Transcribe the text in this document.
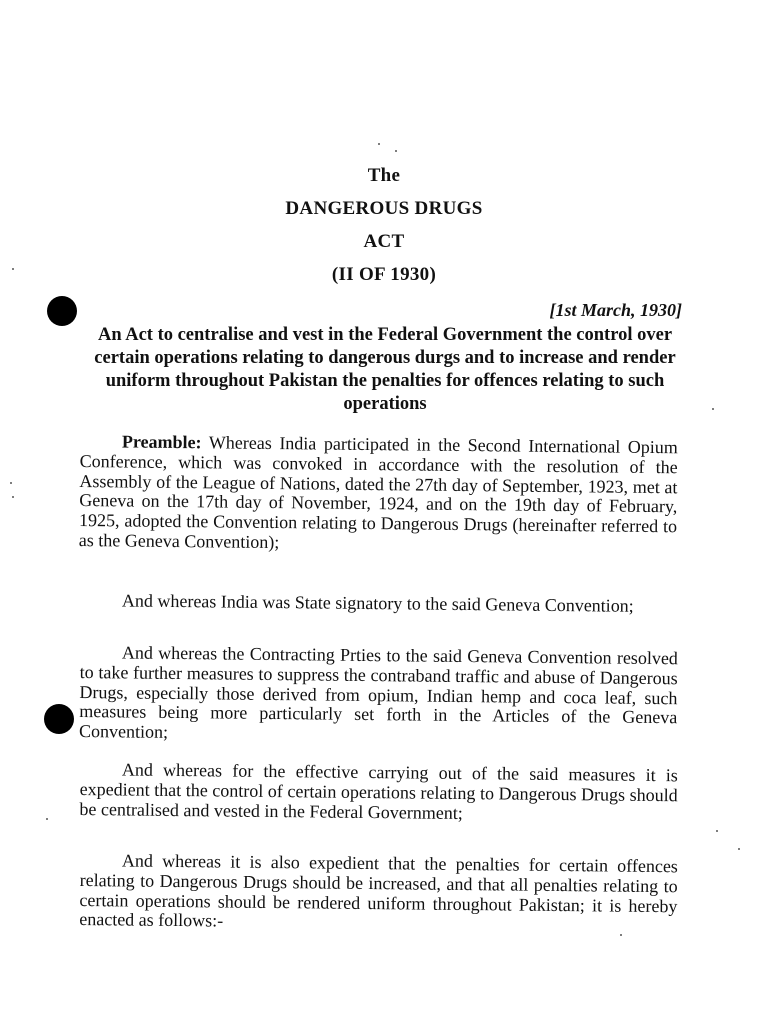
The
DANGEROUS DRUGS
ACT
(II OF 1930)
[1st March, 1930]
An Act to centralise and vest in the Federal Government the control over certain operations relating to dangerous durgs and to increase and render uniform throughout Pakistan the penalties for offences relating to such operations

Preamble: Whereas India participated in the Second International Opium Conference, which was convoked in accordance with the resolution of the Assembly of the League of Nations, dated the 27th day of September, 1923, met at Geneva on the 17th day of November, 1924, and on the 19th day of February, 1925, adopted the Convention relating to Dangerous Drugs (hereinafter referred to as the Geneva Convention);

And whereas India was State signatory to the said Geneva Convention;

And whereas the Contracting Prties to the said Geneva Convention resolved to take further measures to suppress the contraband traffic and abuse of Dangerous Drugs, especially those derived from opium, Indian hemp and coca leaf, such measures being more particularly set forth in the Articles of the Geneva Convention;

And whereas for the effective carrying out of the said measures it is expedient that the control of certain operations relating to Dangerous Drugs should be centralised and vested in the Federal Government;

And whereas it is also expedient that the penalties for certain offences relating to Dangerous Drugs should be increased, and that all penalties relating to certain operations should be rendered uniform throughout Pakistan; it is hereby enacted as follows:-
